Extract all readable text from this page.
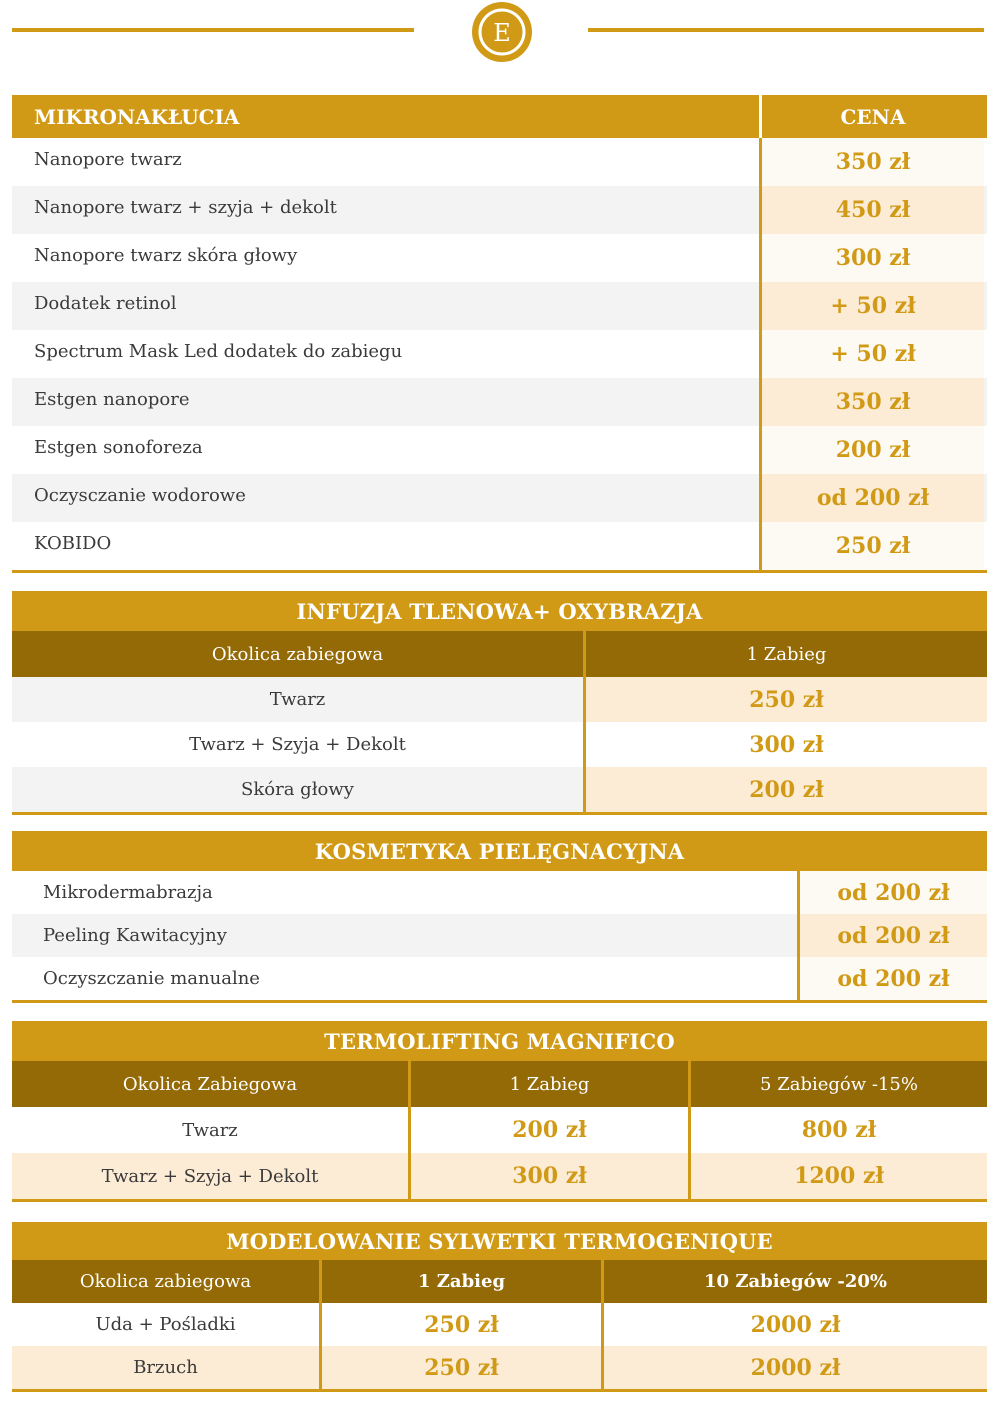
E
MIKRONAKŁUCIA	CENA
Nanopore twarz	350 zł
Nanopore twarz + szyja + dekolt	450 zł
Nanopore twarz skóra głowy	300 zł
Dodatek retinol	+ 50 zł
Spectrum Mask Led dodatek do zabiegu	+ 50 zł
Estgen nanopore	350 zł
Estgen sonoforeza	200 zł
Oczysczanie wodorowe	od 200 zł
KOBIDO	250 zł
INFUZJA TLENOWA+ OXYBRAZJA
Okolica zabiegowa	1 Zabieg
Twarz	250 zł
Twarz + Szyja + Dekolt	300 zł
Skóra głowy	200 zł
KOSMETYKA PIELĘGNACYJNA
Mikrodermabrazja	od 200 zł
Peeling Kawitacyjny	od 200 zł
Oczyszczanie manualne	od 200 zł
TERMOLIFTING MAGNIFICO
Okolica Zabiegowa	1 Zabieg	5 Zabiegów -15%
Twarz	200 zł	800 zł
Twarz + Szyja + Dekolt	300 zł	1200 zł
MODELOWANIE SYLWETKI TERMOGENIQUE
Okolica zabiegowa	1 Zabieg	10 Zabiegów -20%
Uda + Pośladki	250 zł	2000 zł
Brzuch	250 zł	2000 zł
